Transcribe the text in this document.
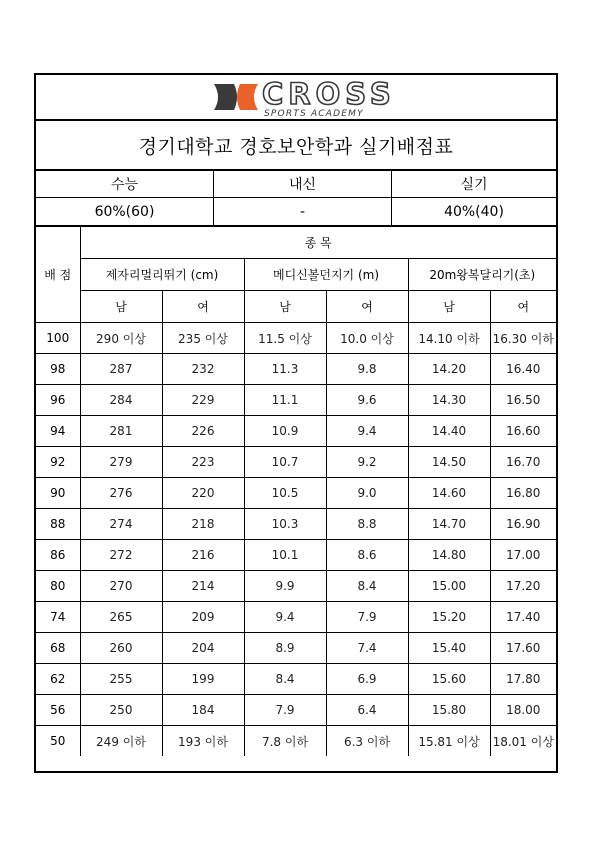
CROSS
SPORTS ACADEMY
경기대학교 경호보안학과 실기배점표
수능	내신	실기
60%(60)	-	40%(40)
배 점	종 목					
	제자리멀리뛰기 (cm)		메디신볼던지기 (m)		20m왕복달리기(초)	
	남	여	남	여	남	여
100	290 이상	235 이상	11.5 이상	10.0 이상	14.10 이하	16.30 이하
98	287	232	11.3	9.8	14.20	16.40
96	284	229	11.1	9.6	14.30	16.50
94	281	226	10.9	9.4	14.40	16.60
92	279	223	10.7	9.2	14.50	16.70
90	276	220	10.5	9.0	14.60	16.80
88	274	218	10.3	8.8	14.70	16.90
86	272	216	10.1	8.6	14.80	17.00
80	270	214	9.9	8.4	15.00	17.20
74	265	209	9.4	7.9	15.20	17.40
68	260	204	8.9	7.4	15.40	17.60
62	255	199	8.4	6.9	15.60	17.80
56	250	184	7.9	6.4	15.80	18.00
50	249 이하	193 이하	7.8 이하	6.3 이하	15.81 이상	18.01 이상
